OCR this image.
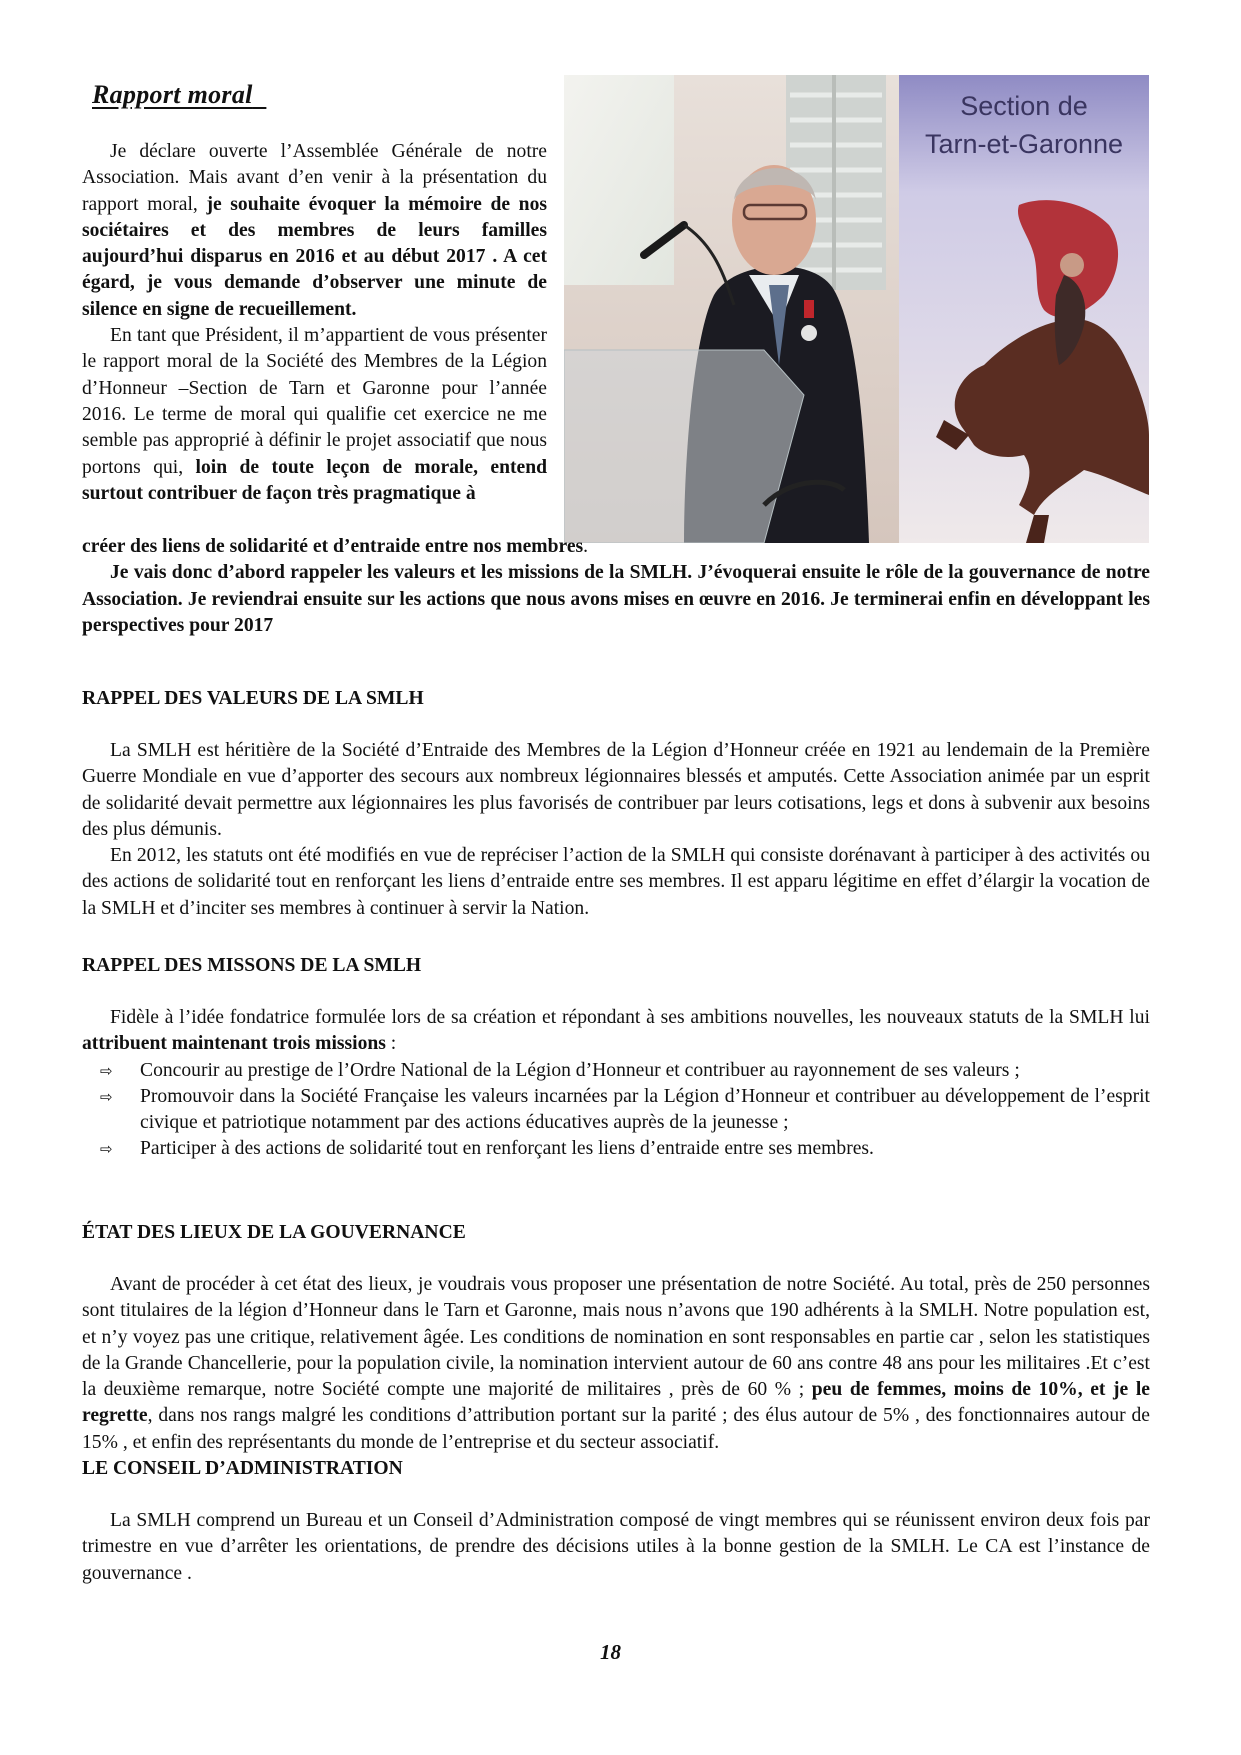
Rapport moral

Je déclare ouverte l’Assemblée Générale de notre Association. Mais avant d’en venir à la présentation du rapport moral, je souhaite évoquer la mémoire de nos sociétaires et des membres de leurs familles aujourd’hui disparus en 2016 et au début 2017 . A cet égard, je vous demande d’observer une minute de silence en signe de recueillement.

En tant que Président, il m’appartient de vous présenter le rapport moral de la Société des Membres de la Légion d’Honneur –Section de Tarn et Garonne pour l’année 2016. Le terme de moral qui qualifie cet exercice ne me semble pas approprié à définir le projet associatif que nous portons qui, loin de toute leçon de morale, entend surtout contribuer de façon très pragmatique à

Section de
Tarn-et-Garonne

créer des liens de solidarité et d’entraide entre nos membres.

Je vais donc d’abord rappeler les valeurs et les missions de la SMLH. J’évoquerai ensuite le rôle de la gouvernance de notre Association. Je reviendrai ensuite sur les actions que nous avons mises en œuvre en 2016. Je terminerai enfin en développant les perspectives pour 2017

RAPPEL DES VALEURS DE LA SMLH

La SMLH est héritière de la Société d’Entraide des Membres de la Légion d’Honneur créée en 1921 au lendemain de la Première Guerre Mondiale en vue d’apporter des secours aux nombreux légionnaires blessés et amputés. Cette Association animée par un esprit de solidarité devait permettre aux légionnaires les plus favorisés de contribuer par leurs cotisations, legs et dons à subvenir aux besoins des plus démunis.

En 2012, les statuts ont été modifiés en vue de repréciser l’action de la SMLH qui consiste dorénavant à participer à des activités ou des actions de solidarité tout en renforçant les liens d’entraide entre ses membres. Il est apparu légitime en effet d’élargir la vocation de la SMLH et d’inciter ses membres à continuer à servir la Nation.

RAPPEL DES MISSONS DE LA SMLH

Fidèle à l’idée fondatrice formulée lors de sa création et répondant à ses ambitions nouvelles, les nouveaux statuts de la SMLH lui attribuent maintenant trois missions :

⇨ Concourir au prestige de l’Ordre National de la Légion d’Honneur et contribuer au rayonnement de ses valeurs ;
⇨ Promouvoir dans la Société Française les valeurs incarnées par la Légion d’Honneur et contribuer au développement de l’esprit civique et patriotique notamment par des actions éducatives auprès de la jeunesse ;
⇨ Participer à des actions de solidarité tout en renforçant les liens d’entraide entre ses membres.
ÉTAT DES LIEUX DE LA GOUVERNANCE

Avant de procéder à cet état des lieux, je voudrais vous proposer une présentation de notre Société. Au total, près de 250 personnes sont titulaires de la légion d’Honneur dans le Tarn et Garonne, mais nous n’avons que 190 adhérents à la SMLH. Notre population est, et n’y voyez pas une critique, relativement âgée. Les conditions de nomination en sont responsables en partie car , selon les statistiques de la Grande Chancellerie, pour la population civile, la nomination intervient autour de 60 ans contre 48 ans pour les militaires .Et c’est la deuxième remarque, notre Société compte une majorité de militaires , près de 60 % ; peu de femmes, moins de 10%, et je le regrette, dans nos rangs malgré les conditions d’attribution portant sur la parité ; des élus autour de 5% , des fonctionnaires autour de 15% , et enfin des représentants du monde de l’entreprise et du secteur associatif.

LE CONSEIL D’ADMINISTRATION

La SMLH comprend un Bureau et un Conseil d’Administration composé de vingt membres qui se réunissent environ deux fois par trimestre en vue d’arrêter les orientations, de prendre des décisions utiles à la bonne gestion de la SMLH. Le CA est l’instance de gouvernance .

18
